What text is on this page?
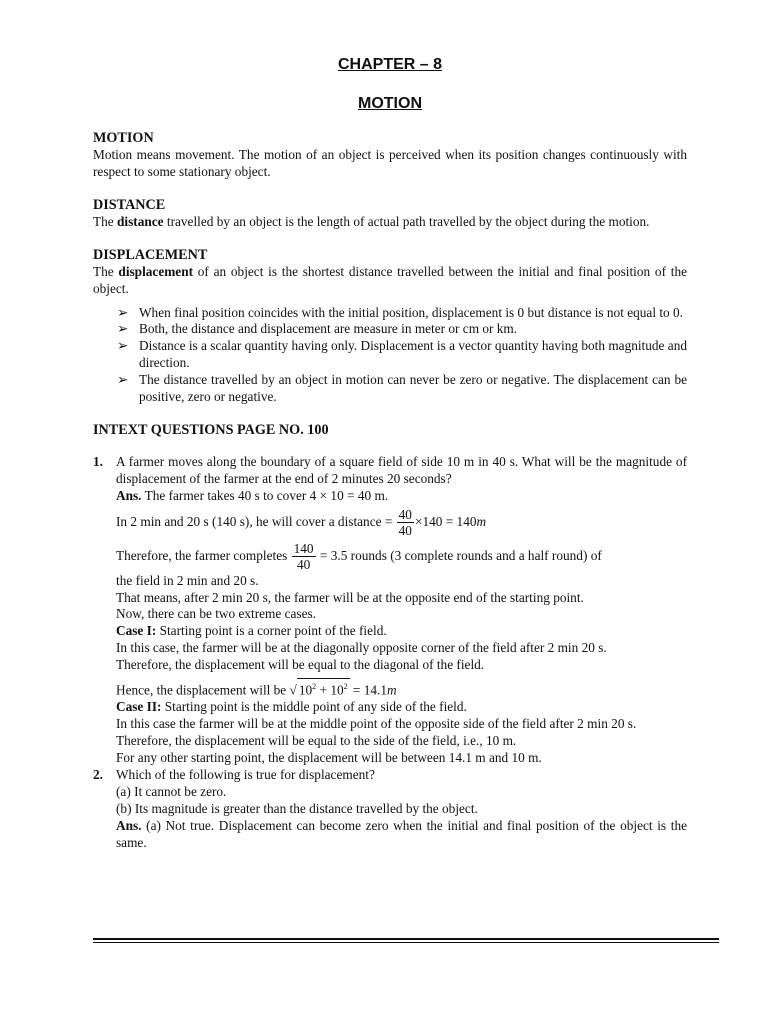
CHAPTER – 8
MOTION
MOTION

Motion means movement. The motion of an object is perceived when its position changes continuously with respect to some stationary object.

DISTANCE

The distance travelled by an object is the length of actual path travelled by the object during the motion.

DISPLACEMENT

The displacement of an object is the shortest distance travelled between the initial and final position of the object.

➢ When final position coincides with the initial position, displacement is 0 but distance is not equal to 0.
➢ Both, the distance and displacement are measure in meter or cm or km.
➢ Distance is a scalar quantity having only. Displacement is a vector quantity having both magnitude and direction.
➢ The distance travelled by an object in motion can never be zero or negative. The displacement can be positive, zero or negative.
INTEXT QUESTIONS PAGE NO. 100
1. A farmer moves along the boundary of a square field of side 10 m in 40 s. What will be the magnitude of displacement of the farmer at the end of 2 minutes 20 seconds?

Ans. The farmer takes 40 s to cover 4 × 10 = 40 m.
In 2 min and 20 s (140 s), he will cover a distance = $\frac{40}{40} \times 140 = 140m$
Therefore, the farmer completes $\frac{140}{40} = 3.5$ rounds (3 complete rounds and a half round) of
the field in 2 min and 20 s.
That means, after 2 min 20 s, the farmer will be at the opposite end of the starting point.
Now, there can be two extreme cases.
Case I: Starting point is a corner point of the field.
In this case, the farmer will be at the diagonally opposite corner of the field after 2 min 20 s.
Therefore, the displacement will be equal to the diagonal of the field.
Hence, the displacement will be √ $10^2 + 10^2 = 14.1m$
Case II: Starting point is the middle point of any side of the field.
In this case the farmer will be at the middle point of the opposite side of the field after 2 min 20 s.
Therefore, the displacement will be equal to the side of the field, i.e., 10 m.
For any other starting point, the displacement will be between 14.1 m and 10 m.
2. Which of the following is true for displacement?
(a) It cannot be zero.
(b) Its magnitude is greater than the distance travelled by the object.

Ans. (a) Not true. Displacement can become zero when the initial and final position of the object is the same.
